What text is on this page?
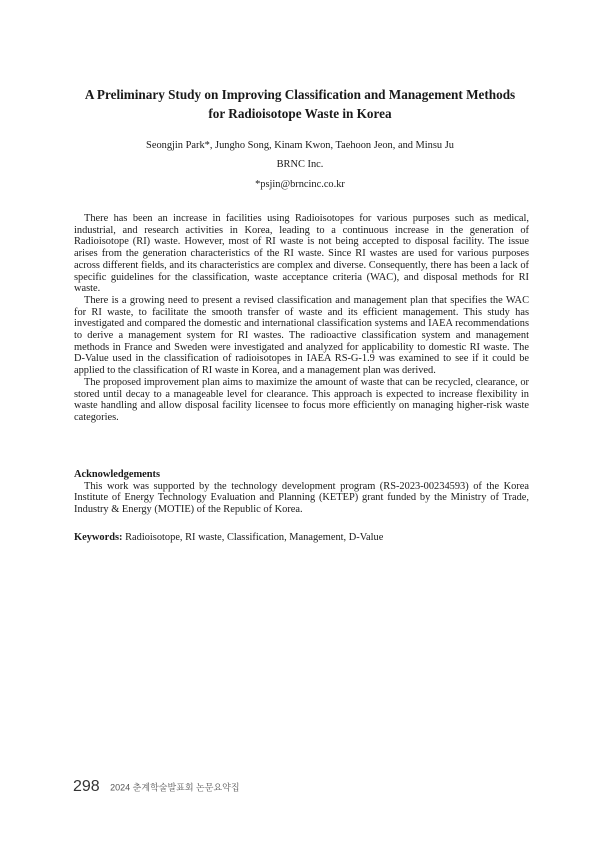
A Preliminary Study on Improving Classification and Management Methods
for Radioisotope Waste in Korea
Seongjin Park*, Jungho Song, Kinam Kwon, Taehoon Jeon, and Minsu Ju
BRNC Inc.
*psjin@brncinc.co.kr

There has been an increase in facilities using Radioisotopes for various purposes such as medical, industrial, and research activities in Korea, leading to a continuous increase in the generation of Radioisotope (RI) waste. However, most of RI waste is not being accepted to disposal facility. The issue arises from the generation characteristics of the RI waste. Since RI wastes are used for various purposes across different fields, and its characteristics are complex and diverse. Consequently, there has been a lack of specific guidelines for the classification, waste acceptance criteria (WAC), and disposal methods for RI waste.

There is a growing need to present a revised classification and management plan that specifies the WAC for RI waste, to facilitate the smooth transfer of waste and its efficient management. This study has investigated and compared the domestic and international classification systems and IAEA recommendations to derive a management system for RI wastes. The radioactive classification system and management methods in France and Sweden were investigated and analyzed for applicability to domestic RI waste. The D-Value used in the classification of radioisotopes in IAEA RS-G-1.9 was examined to see if it could be applied to the classification of RI waste in Korea, and a management plan was derived.

The proposed improvement plan aims to maximize the amount of waste that can be recycled, clearance, or stored until decay to a manageable level for clearance. This approach is expected to increase flexibility in waste handling and allow disposal facility licensee to focus more efficiently on managing higher-risk waste categories.

Acknowledgements

This work was supported by the technology development program (RS-2023-00234593) of the Korea Institute of Energy Technology Evaluation and Planning (KETEP) grant funded by the Ministry of Trade, Industry & Energy (MOTIE) of the Republic of Korea.

Keywords: Radioisotope, RI waste, Classification, Management, D-Value
298 2024 춘계학술발표회 논문요약집
